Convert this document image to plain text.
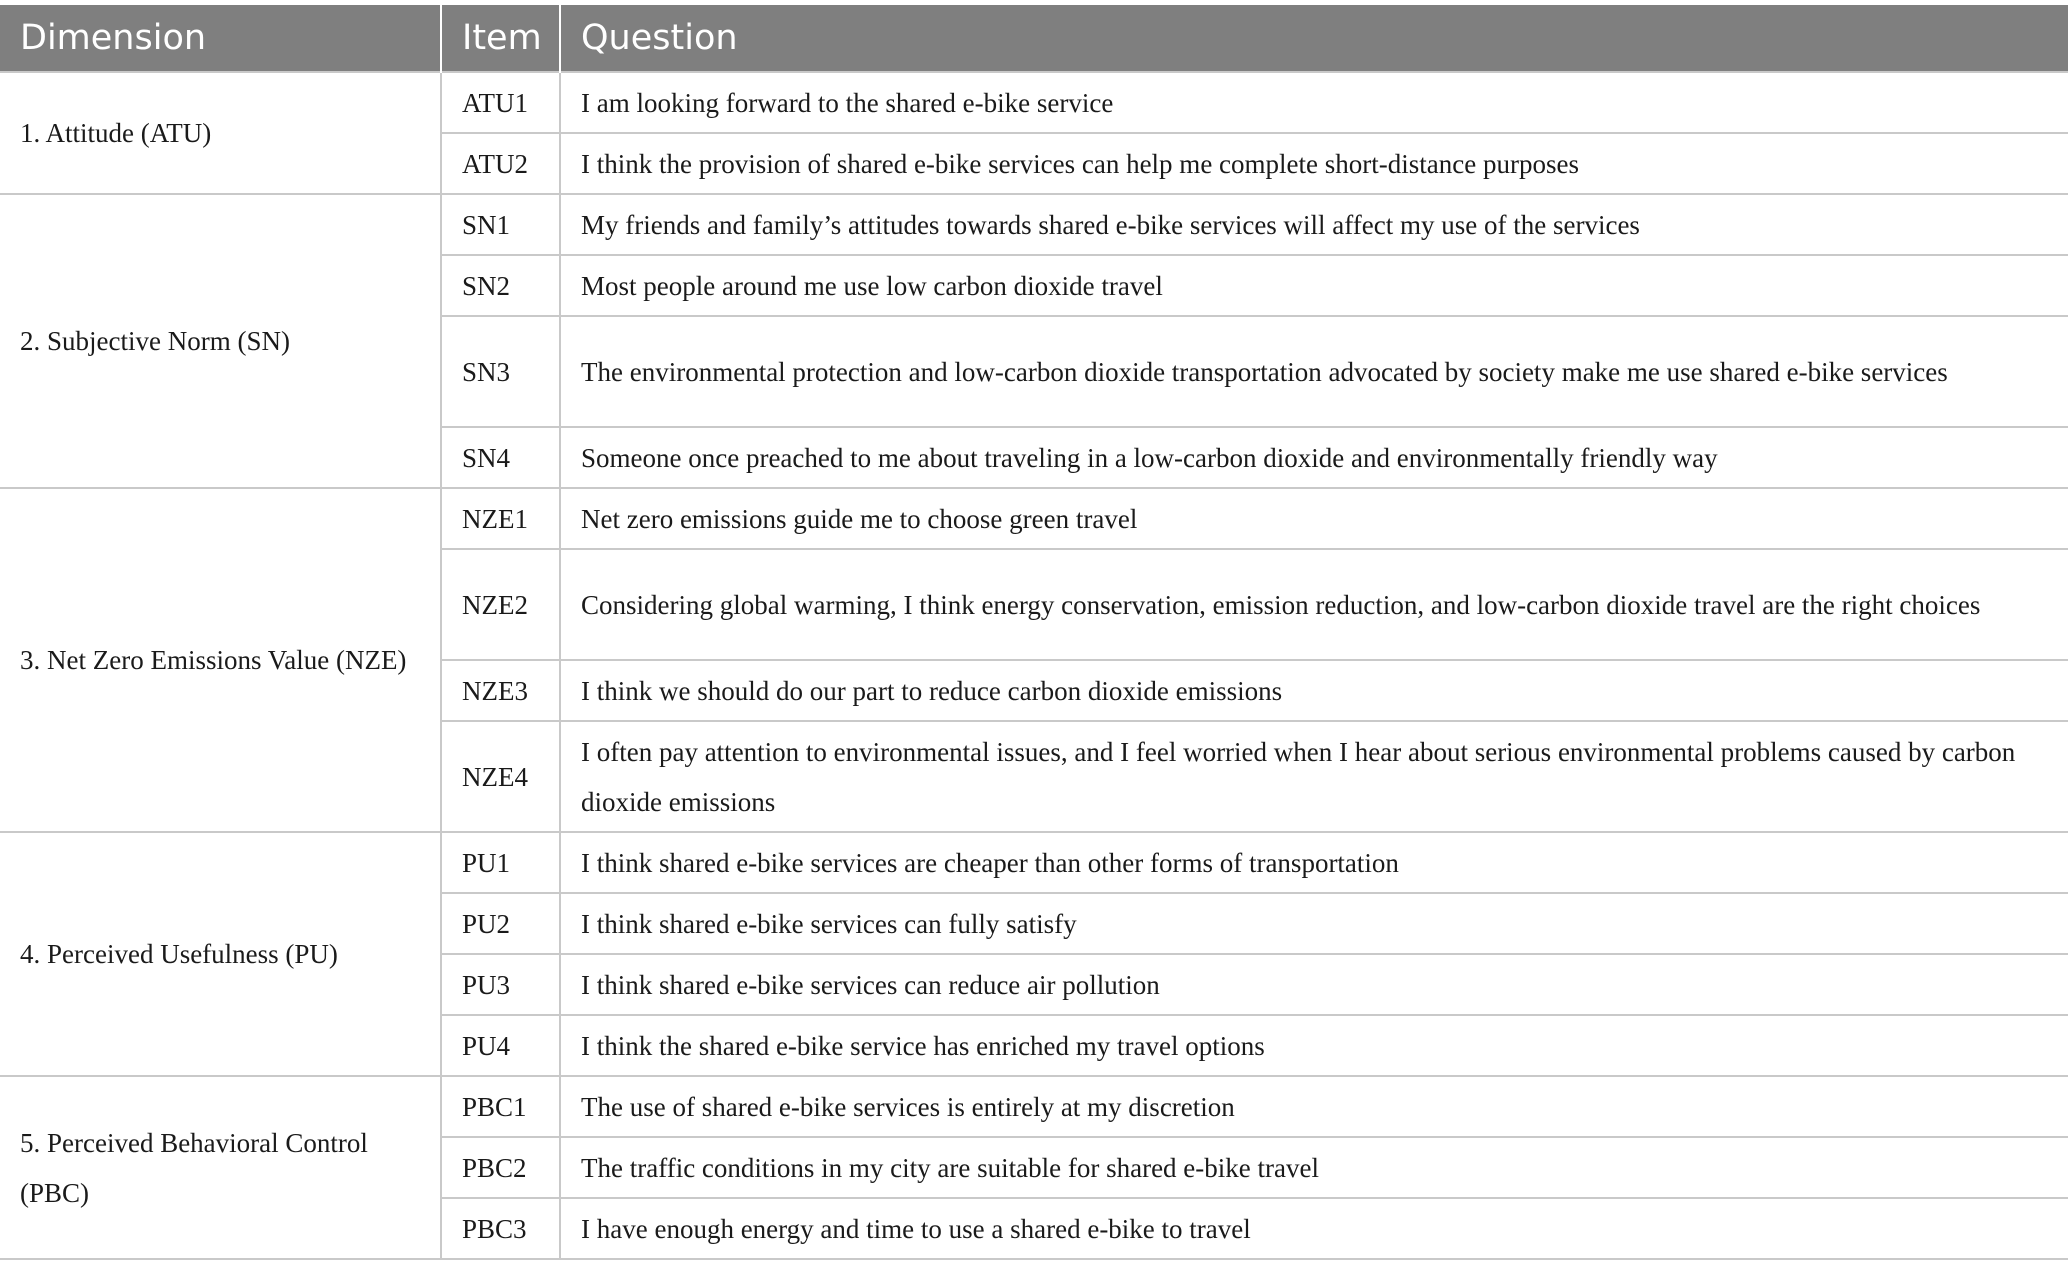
Dimension	Item	Question
1. Attitude (ATU)	ATU1	I am looking forward to the shared e-bike service
	ATU2	I think the provision of shared e-bike services can help me complete short-distance purposes
2. Subjective Norm (SN)	SN1	My friends and family’s attitudes towards shared e-bike services will affect my use of the services
	SN2	Most people around me use low carbon dioxide travel
	SN3	The environmental protection and low-carbon dioxide transportation advocated by society make me use shared e-bike services
	SN4	Someone once preached to me about traveling in a low-carbon dioxide and environmentally friendly way
3. Net Zero Emissions Value (NZE)	NZE1	Net zero emissions guide me to choose green travel
	NZE2	Considering global warming, I think energy conservation, emission reduction, and low-carbon dioxide travel are the right choices
	NZE3	I think we should do our part to reduce carbon dioxide emissions
	NZE4	I often pay attention to environmental issues, and I feel worried when I hear about serious environmental problems caused by carbon dioxide emissions
4. Perceived Usefulness (PU)	PU1	I think shared e-bike services are cheaper than other forms of transportation
	PU2	I think shared e-bike services can fully satisfy
	PU3	I think shared e-bike services can reduce air pollution
	PU4	I think the shared e-bike service has enriched my travel options
5. Perceived Behavioral Control (PBC)	PBC1	The use of shared e-bike services is entirely at my discretion
	PBC2	The traffic conditions in my city are suitable for shared e-bike travel
	PBC3	I have enough energy and time to use a shared e-bike to travel
